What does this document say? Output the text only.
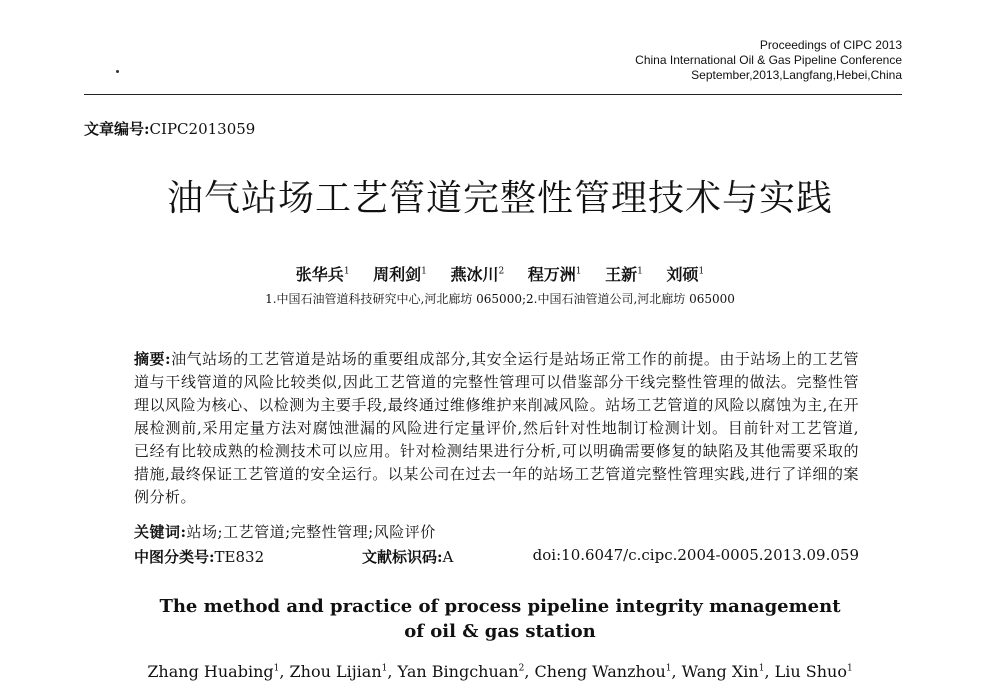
Proceedings of CIPC 2013
China International Oil & Gas Pipeline Conference
September,2013,Langfang,Hebei,China
文章编号:CIPC2013059
油气站场工艺管道完整性管理技术与实践
张华兵$^1$ 周利剑$^1$ 燕冰川$^2$ 程万洲$^1$ 王新$^1$ 刘硕$^1$
1.中国石油管道科技研究中心,河北廊坊 065000;2.中国石油管道公司,河北廊坊 065000
摘要:油气站场的工艺管道是站场的重要组成部分,其安全运行是站场正常工作的前提。由于站场上的工艺管道与干线管道的风险比较类似,因此工艺管道的完整性管理可以借鉴部分干线完整性管理的做法。完整性管理以风险为核心、以检测为主要手段,最终通过维修维护来削减风险。站场工艺管道的风险以腐蚀为主,在开展检测前,采用定量方法对腐蚀泄漏的风险进行定量评价,然后针对性地制订检测计划。目前针对工艺管道,已经有比较成熟的检测技术可以应用。针对检测结果进行分析,可以明确需要修复的缺陷及其他需要采取的措施,最终保证工艺管道的安全运行。以某公司在过去一年的站场工艺管道完整性管理实践,进行了详细的案例分析。
关键词:站场;工艺管道;完整性管理;风险评价
中图分类号:TE832	文献标识码:A	doi:10.6047/c.cipc.2004-0005.2013.09.059
The method and practice of process pipeline integrity management
of oil & gas station
Zhang Huabing$^1$, Zhou Lijian$^1$, Yan Bingchuan$^2$, Cheng Wanzhou$^1$, Wang Xin$^1$, Liu Shuo$^1$
